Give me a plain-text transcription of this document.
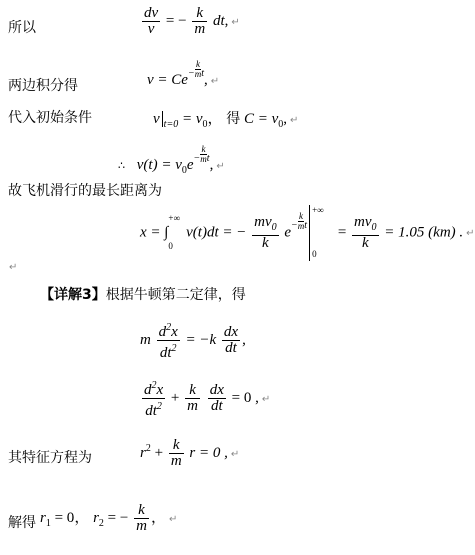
所以	$\frac{dv}{v}$ = − $\frac{k}{m}$ dt, ↵
两边积分得	$v = Ce- \frac{k}{m} t$, ↵
代入初始条件	v $_{t=0} = v_0$， 得 $C = v_0$, ↵
∴ $v(t) = v_0e- \frac{k}{m} t$, ↵
故飞机滑行的最长距离为
x = ∫
+∞
0
v(t)dt = − $\frac{mv_0}{k} e- \frac{k}{m}$ t
+∞
0
= $\frac{mv_0}{k} = 1.05$ (km) . ↵
↵
【详解3】根据牛顿第二定律，得
m $\frac{d^2x}{dt^2} = -k \frac{dx}{dt}$ ,
$\frac{d^2x}{dt^2} + \frac{k}{m}$
$\frac{dx}{dt} = 0$ , ↵
其特征方程为	$r^2 + \frac{k}{m}$ r = 0 , ↵
解得 $r_1 = 0$， $r_2$ = − $\frac{k}{m}$ ， ↵
